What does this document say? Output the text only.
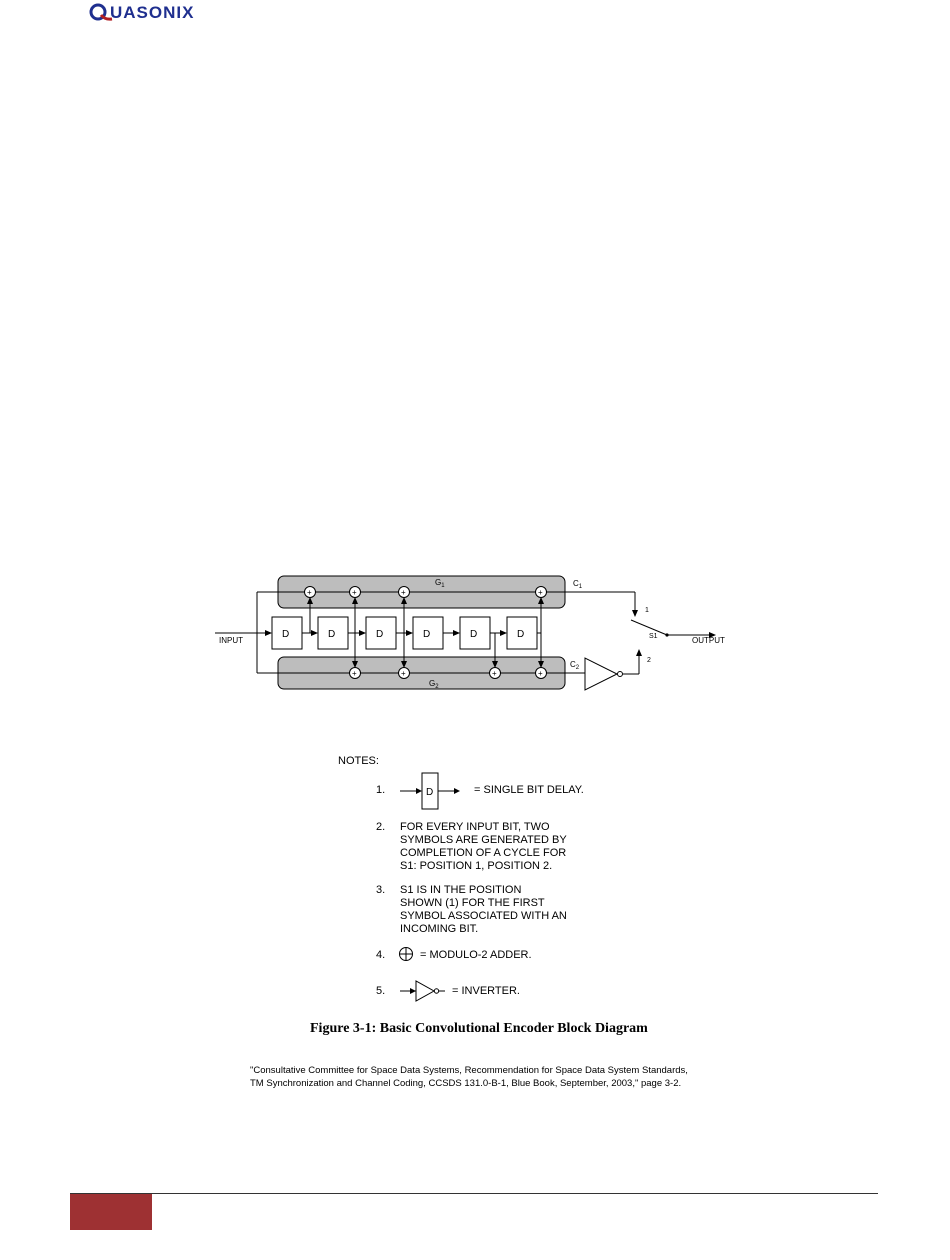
UASONIX
INPUT
D	D	D	D	D	D
+	+	+	+
+	+	+	+
$G_1$
$G_2$
$C_1$
1
$C_2$
2
S1	OUTPUT
NOTES:
1.	D	= SINGLE BIT DELAY.
2. FOR EVERY INPUT BIT, TWO
SYMBOLS ARE GENERATED BY
COMPLETION OF A CYCLE FOR
S1: POSITION 1, POSITION 2.
3. S1 IS IN THE POSITION
SHOWN (1) FOR THE FIRST
SYMBOL ASSOCIATED WITH AN
INCOMING BIT.
4.	= MODULO-2 ADDER.
5.	= INVERTER.
Figure 3-1: Basic Convolutional Encoder Block Diagram
"Consultative Committee for Space Data Systems, Recommendation for Space Data System Standards,
TM Synchronization and Channel Coding, CCSDS 131.0-B-1, Blue Book, September, 2003," page 3-2.
